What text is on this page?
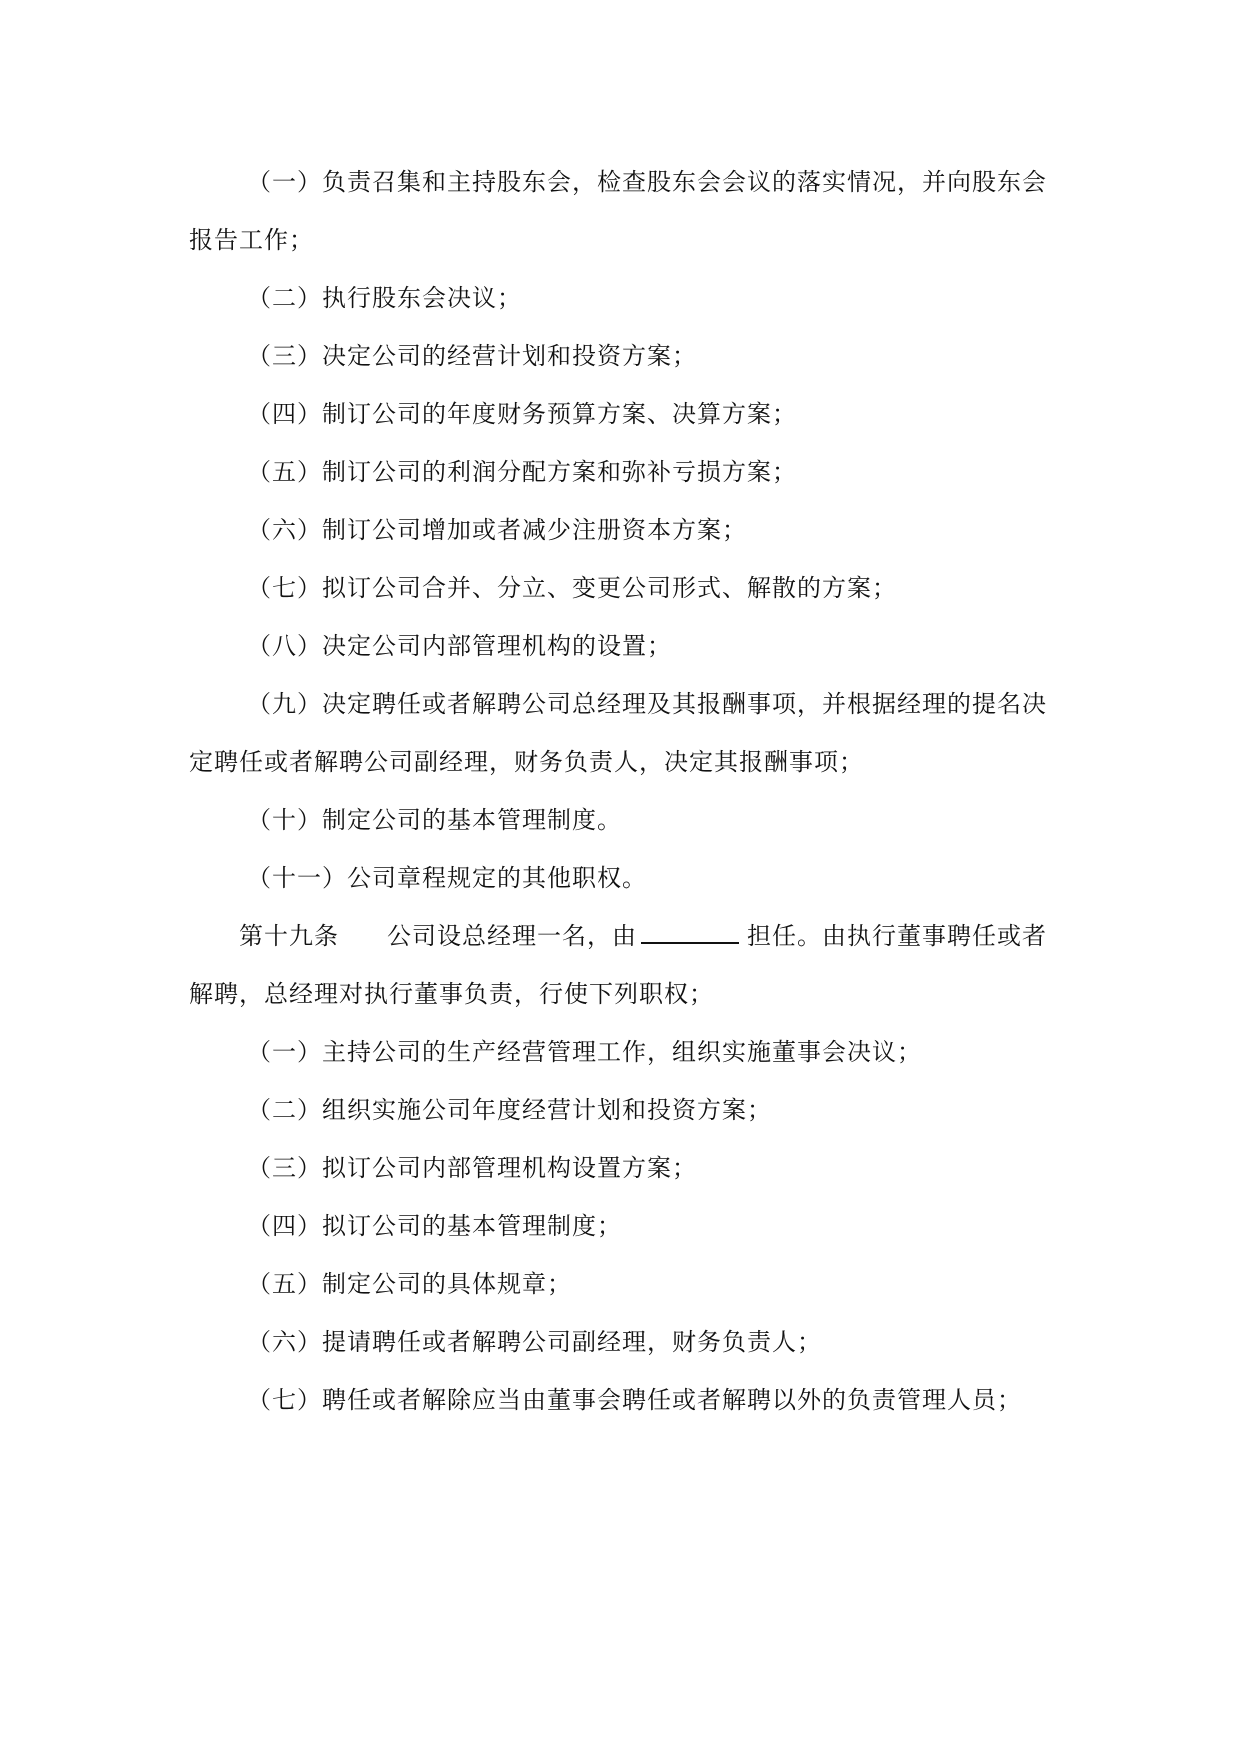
（一）负责召集和主持股东会，检查股东会会议的落实情况，并向股东会
报告工作；
（二）执行股东会决议；
（三）决定公司的经营计划和投资方案；
（四）制订公司的年度财务预算方案、决算方案；
（五）制订公司的利润分配方案和弥补亏损方案；
（六）制订公司增加或者减少注册资本方案；
（七）拟订公司合并、分立、变更公司形式、解散的方案；
（八）决定公司内部管理机构的设置；
（九）决定聘任或者解聘公司总经理及其报酬事项，并根据经理的提名决
定聘任或者解聘公司副经理，财务负责人，决定其报酬事项；
（十）制定公司的基本管理制度。
（十一）公司章程规定的其他职权。
第十九条 公司设总经理一名，由	担任。由执行董事聘任或者
解聘，总经理对执行董事负责，行使下列职权；
（一）主持公司的生产经营管理工作，组织实施董事会决议；
（二）组织实施公司年度经营计划和投资方案；
（三）拟订公司内部管理机构设置方案；
（四）拟订公司的基本管理制度；
（五）制定公司的具体规章；
（六）提请聘任或者解聘公司副经理，财务负责人；
（七）聘任或者解除应当由董事会聘任或者解聘以外的负责管理人员；
